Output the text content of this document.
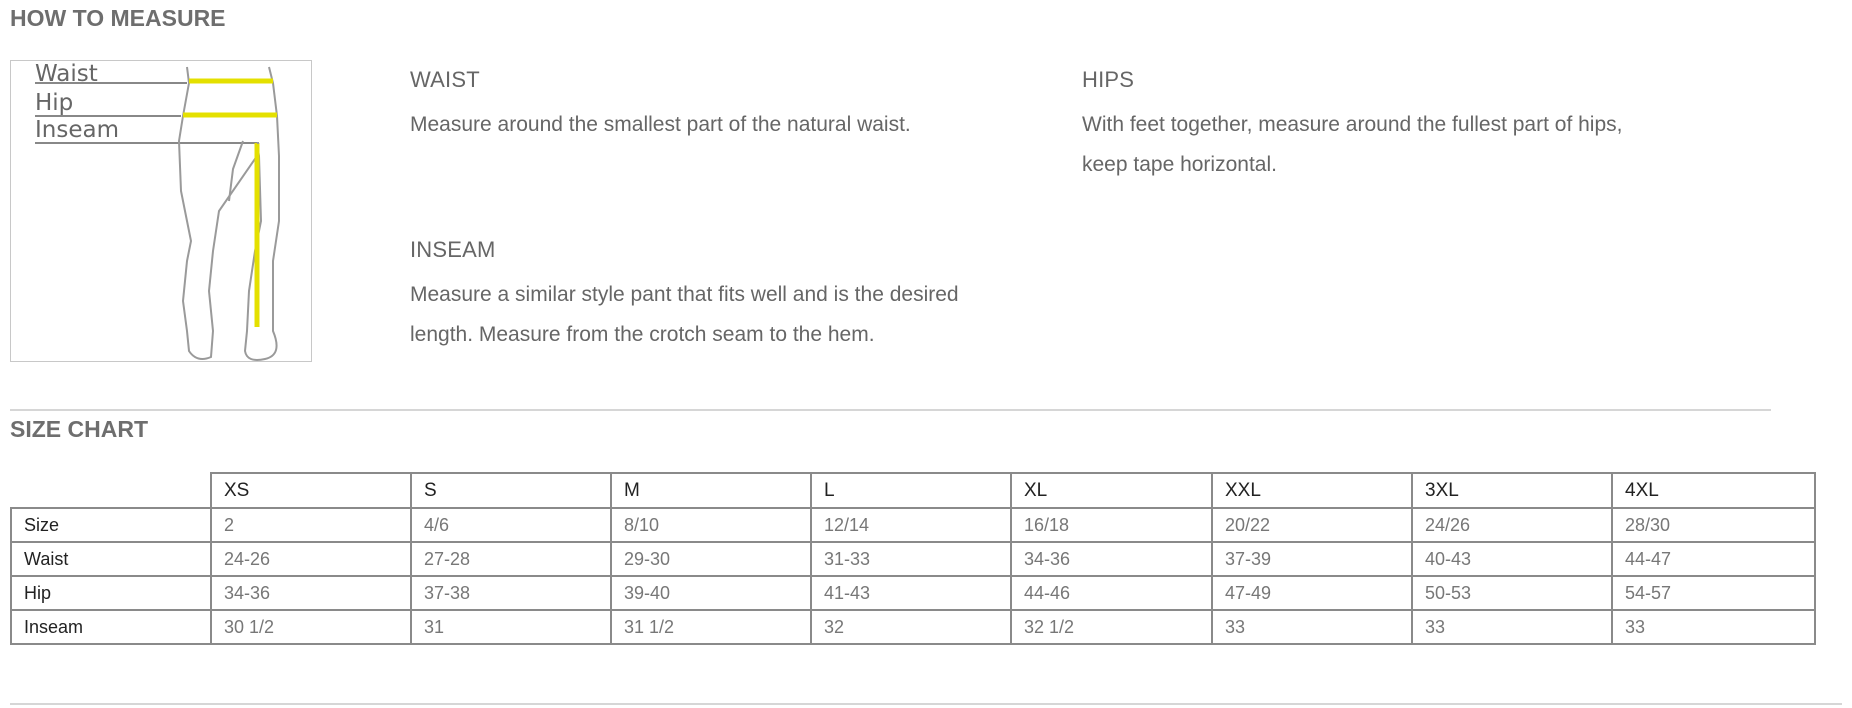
HOW TO MEASURE
Waist
Hip
Inseam
WAIST

Measure around the smallest part of the natural waist.

HIPS

With feet together, measure around the fullest part of hips,
keep tape horizontal.

INSEAM

Measure a similar style pant that fits well and is the desired
length. Measure from the crotch seam to the hem.

SIZE CHART
	XS	S	M	L	XL	XXL	3XL	4XL
Size	2	4/6	8/10	12/14	16/18	20/22	24/26	28/30
Waist	24-26	27-28	29-30	31-33	34-36	37-39	40-43	44-47
Hip	34-36	37-38	39-40	41-43	44-46	47-49	50-53	54-57
Inseam	30 1/2	31	31 1/2	32	32 1/2	33	33	33
